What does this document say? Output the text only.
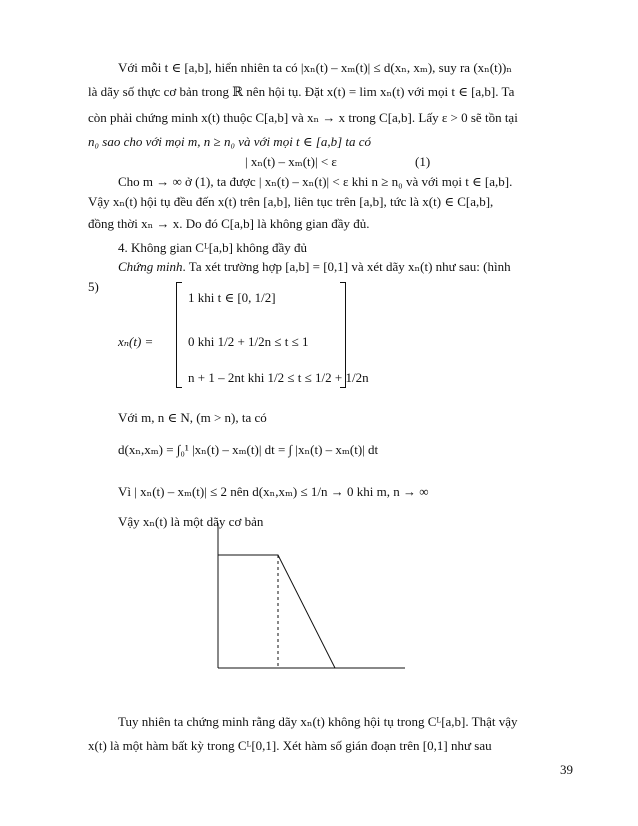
Với mỗi t ∈ [a,b], hiển nhiên ta có |xₙ(t) – xₘ(t)| ≤ d(xₙ, xₘ), suy ra (xₙ(t))ₙ
là dãy số thực cơ bản trong ℝ nên hội tụ. Đặt x(t) = lim xₙ(t) với mọi t ∈ [a,b]. Ta
còn phải chứng minh x(t) thuộc C[a,b] và xₙ → x trong C[a,b]. Lấy ε > 0 sẽ tồn tại
n₀ sao cho với mọi m, n ≥ n₀ và với mọi t ∈ [a,b] ta có
| xₙ(t) – xₘ(t)| < ε	(1)
Cho m → ∞ ở (1), ta được | xₙ(t) – xₙ(t)| < ε khi n ≥ n₀ và với mọi t ∈ [a,b].
Vậy xₙ(t) hội tụ đều đến x(t) trên [a,b], liên tục trên [a,b], tức là x(t) ∈ C[a,b],
đồng thời xₙ → x. Do đó C[a,b] là không gian đầy đủ.
4. Không gian Cᴸ[a,b] không đầy đủ
Chứng minh. Ta xét trường hợp [a,b] = [0,1] và xét dãy xₙ(t) như sau: (hình
5)
xₙ(t) =
1 khi t ∈ [0, 1/2]
0 khi 1/2 + 1/2n ≤ t ≤ 1
n + 1 – 2nt khi 1/2 ≤ t ≤ 1/2 + 1/2n
Với m, n ∈ N, (m > n), ta có
d(xₙ,xₘ) = ∫₀¹ |xₙ(t) – xₘ(t)| dt = ∫ |xₙ(t) – xₘ(t)| dt
Vì | xₙ(t) – xₘ(t)| ≤ 2 nên d(xₙ,xₘ) ≤ 1/n → 0 khi m, n → ∞
Vậy xₙ(t) là một dãy cơ bản
Tuy nhiên ta chứng minh rằng dãy xₙ(t) không hội tụ trong Cᴸ[a,b]. Thật vậy
x(t) là một hàm bất kỳ trong Cᴸ[0,1]. Xét hàm số gián đoạn trên [0,1] như sau
39
